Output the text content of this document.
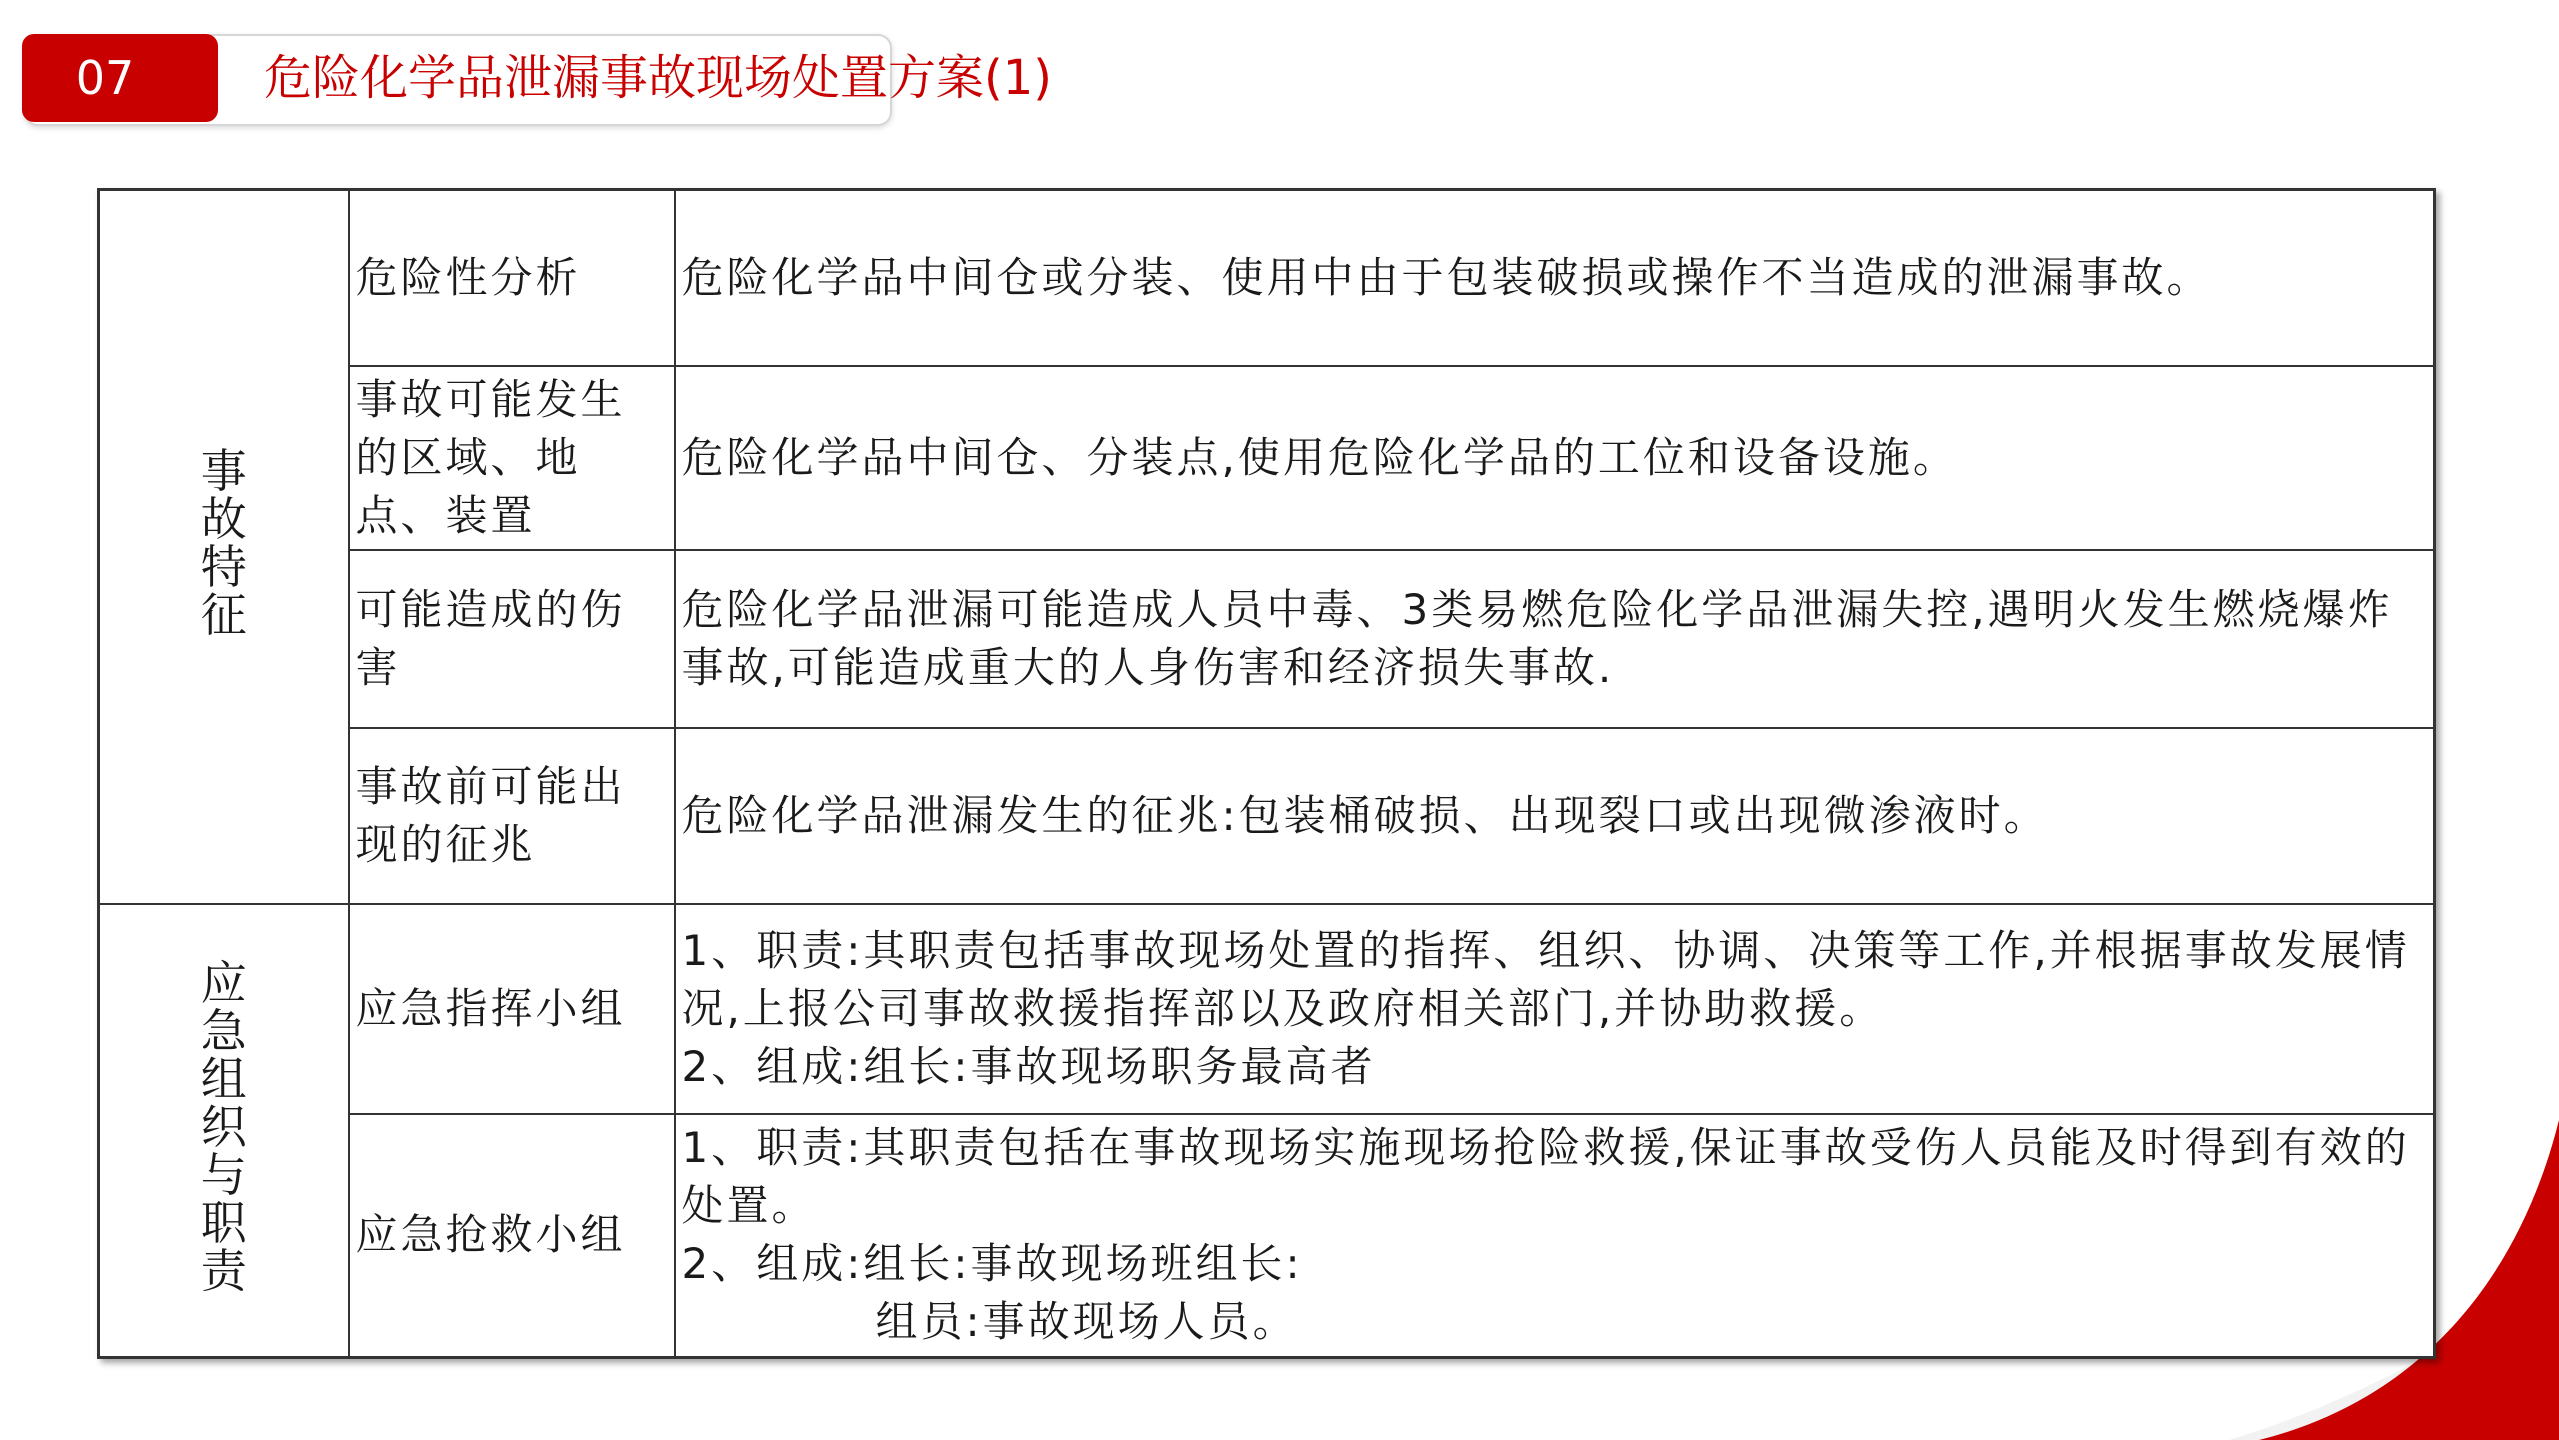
07	危险化学品泄漏事故现场处置方案(1)
事故特征	危险性分析	危险化学品中间仓或分装、使用中由于包装破损或操作不当造成的泄漏事故。

	事故可能发生的区域、地点、装置	危险化学品中间仓、分装点,使用危险化学品的工位和设备设施。

	可能造成的伤害	危险化学品泄漏可能造成人员中毒、3类易燃危险化学品泄漏失控,遇明火发生燃烧爆炸事故,可能造成重大的人身伤害和经济损失事故.

	事故前可能出现的征兆	危险化学品泄漏发生的征兆:包装桶破损、出现裂口或出现微渗液时。

应急组织与职责	应急指挥小组	1、职责:其职责包括事故现场处置的指挥、组织、协调、决策等工作,并根据事故发展情况,上报公司事故救援指挥部以及政府相关部门,并协助救援。
2、组成:组长:事故现场职务最高者

	应急抢救小组	1、职责:其职责包括在事故现场实施现场抢险救援,保证事故受伤人员能及时得到有效的处置。
2、组成:组长:事故现场班组长:
组员:事故现场人员。
